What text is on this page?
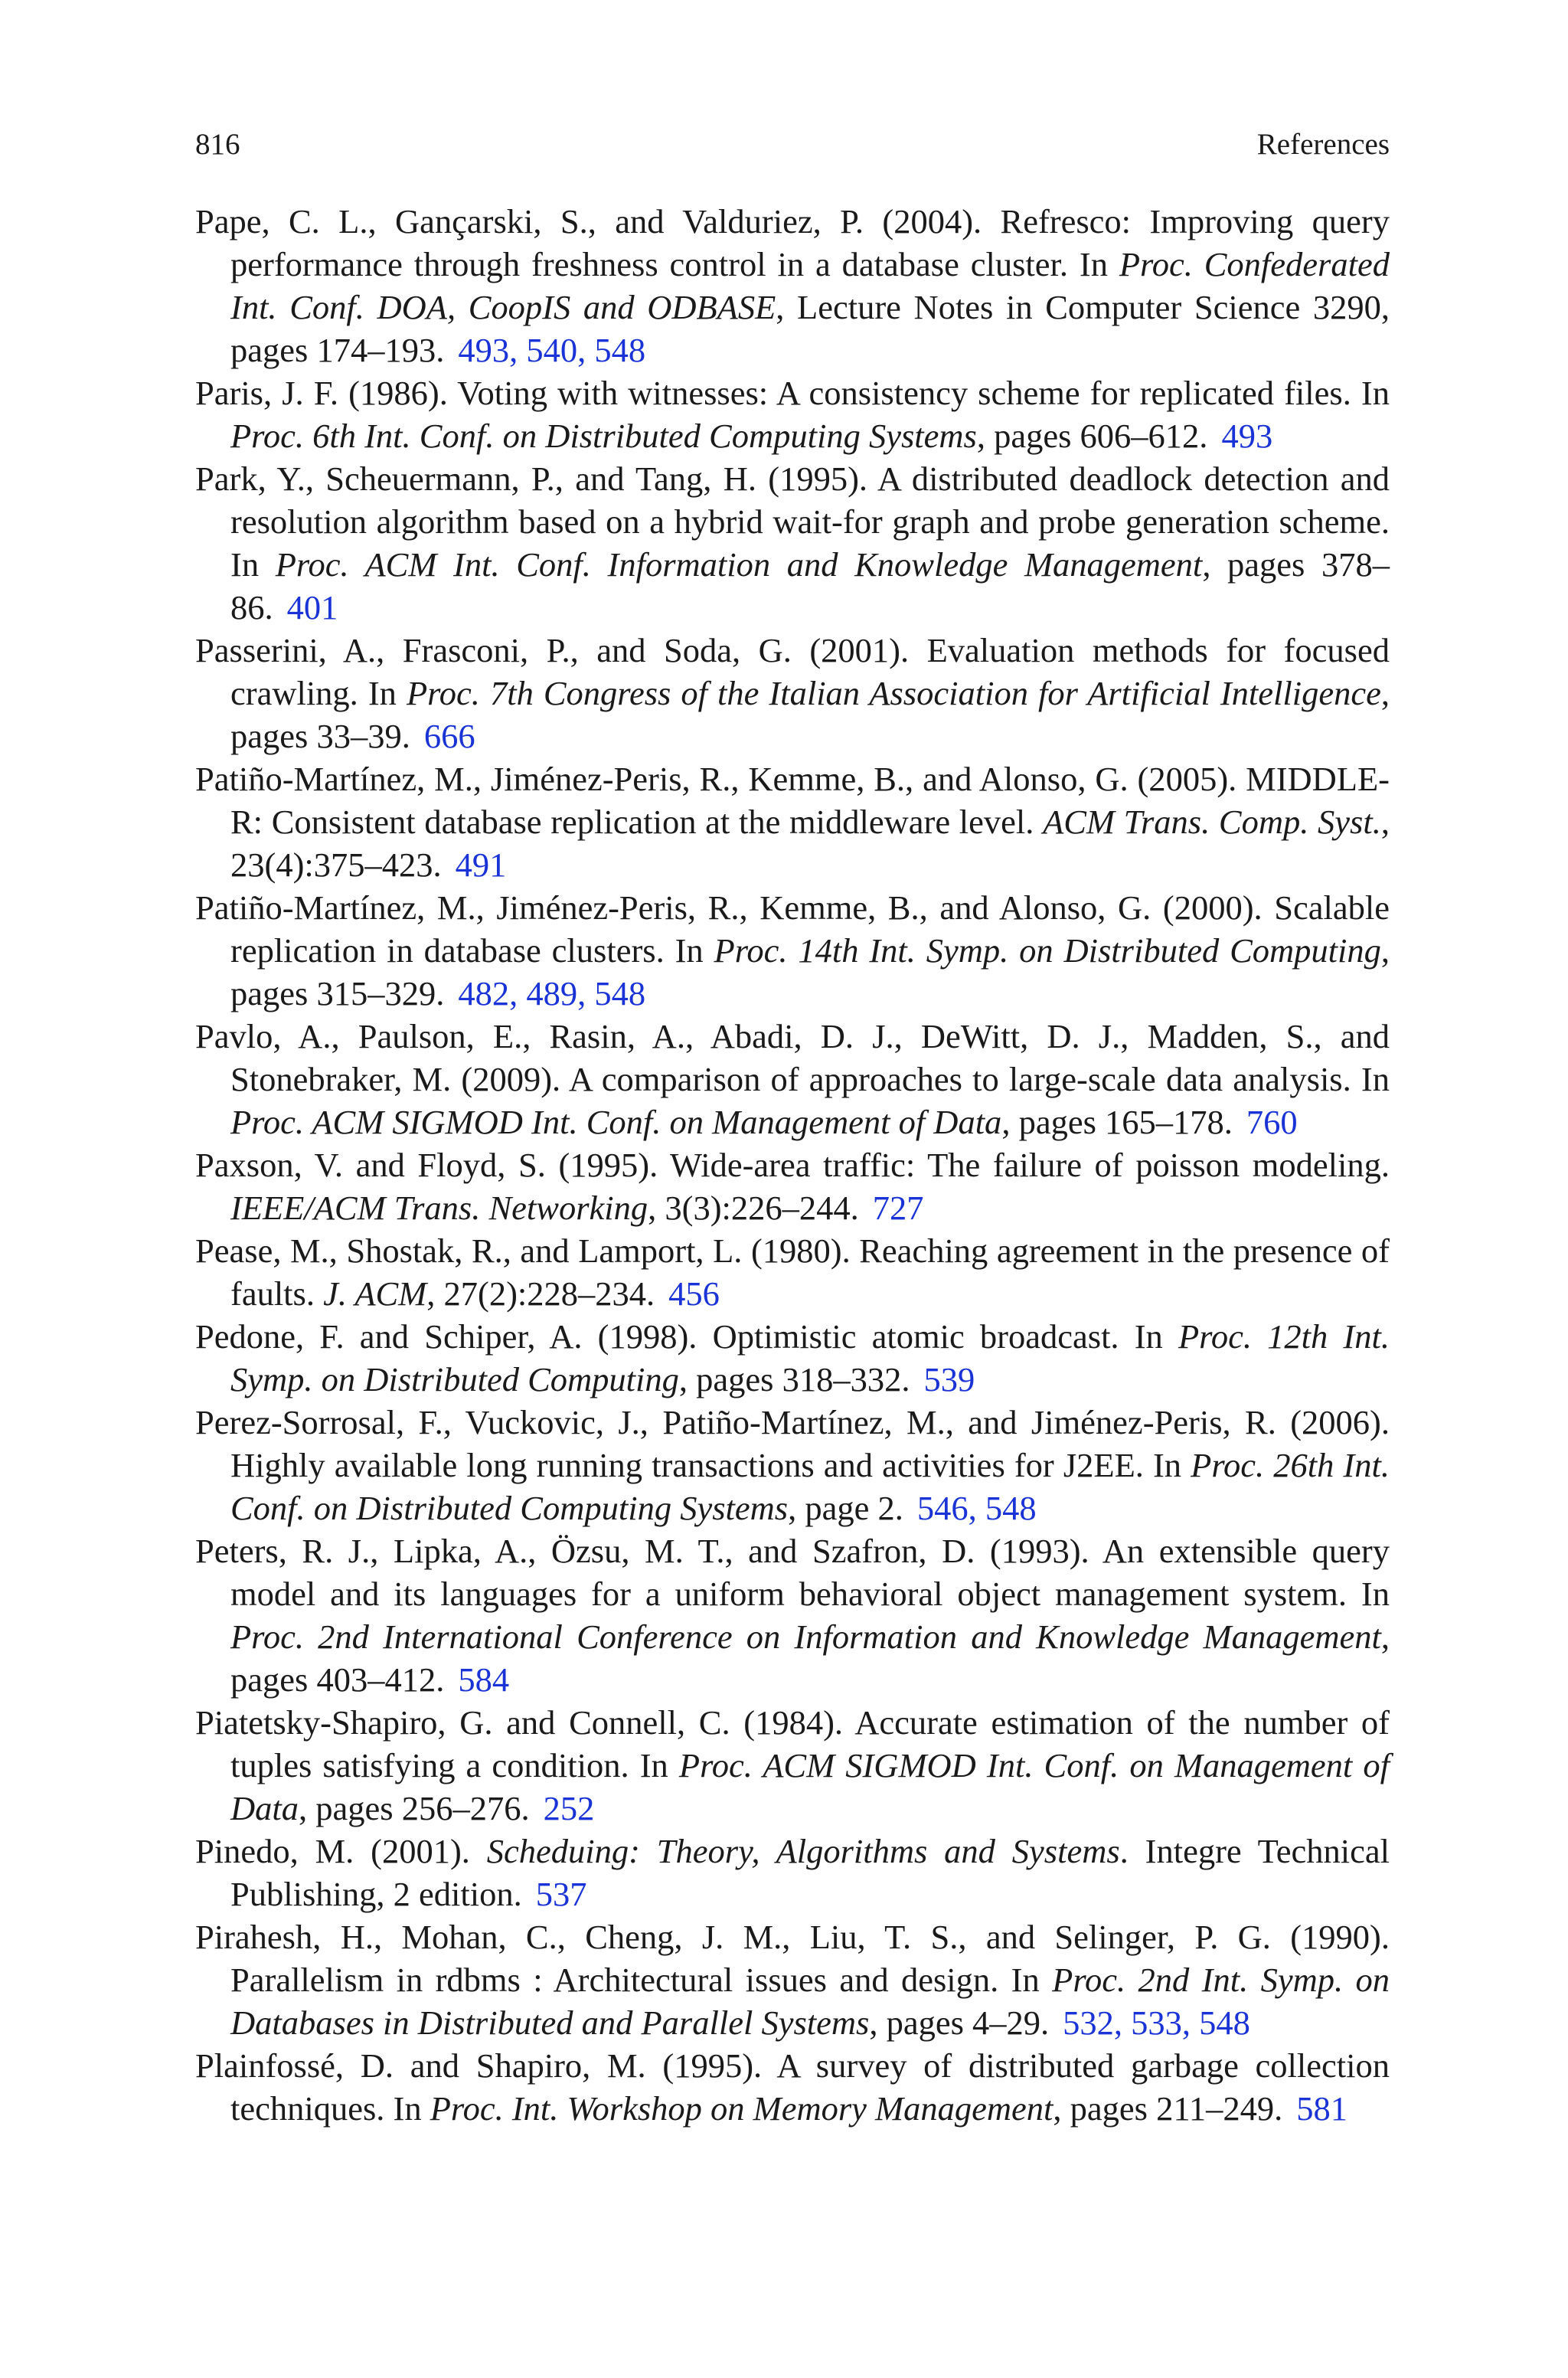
816	References
Pape, C. L., Gançarski, S., and Valduriez, P. (2004). Refresco: Improving query performance through freshness control in a database cluster. In Proc. Confederated Int. Conf. DOA, CoopIS and ODBASE, Lecture Notes in Computer Science 3290, pages 174–193. 493, 540, 548
Paris, J. F. (1986). Voting with witnesses: A consistency scheme for replicated files. In Proc. 6th Int. Conf. on Distributed Computing Systems, pages 606–612. 493
Park, Y., Scheuermann, P., and Tang, H. (1995). A distributed deadlock detection and resolution algorithm based on a hybrid wait-for graph and probe generation scheme. In Proc. ACM Int. Conf. Information and Knowledge Management, pages 378–86. 401
Passerini, A., Frasconi, P., and Soda, G. (2001). Evaluation methods for focused crawling. In Proc. 7th Congress of the Italian Association for Artificial Intelligence, pages 33–39. 666
Patiño-Martínez, M., Jiménez-Peris, R., Kemme, B., and Alonso, G. (2005). MIDDLE-R: Consistent database replication at the middleware level. ACM Trans. Comp. Syst., 23(4):375–423. 491
Patiño-Martínez, M., Jiménez-Peris, R., Kemme, B., and Alonso, G. (2000). Scalable replication in database clusters. In Proc. 14th Int. Symp. on Distributed Computing, pages 315–329. 482, 489, 548
Pavlo, A., Paulson, E., Rasin, A., Abadi, D. J., DeWitt, D. J., Madden, S., and Stonebraker, M. (2009). A comparison of approaches to large-scale data analysis. In Proc. ACM SIGMOD Int. Conf. on Management of Data, pages 165–178. 760
Paxson, V. and Floyd, S. (1995). Wide-area traffic: The failure of poisson modeling. IEEE/ACM Trans. Networking, 3(3):226–244. 727
Pease, M., Shostak, R., and Lamport, L. (1980). Reaching agreement in the presence of faults. J. ACM, 27(2):228–234. 456
Pedone, F. and Schiper, A. (1998). Optimistic atomic broadcast. In Proc. 12th Int. Symp. on Distributed Computing, pages 318–332. 539
Perez-Sorrosal, F., Vuckovic, J., Patiño-Martínez, M., and Jiménez-Peris, R. (2006). Highly available long running transactions and activities for J2EE. In Proc. 26th Int. Conf. on Distributed Computing Systems, page 2. 546, 548
Peters, R. J., Lipka, A., Özsu, M. T., and Szafron, D. (1993). An extensible query model and its languages for a uniform behavioral object management system. In Proc. 2nd International Conference on Information and Knowledge Management, pages 403–412. 584
Piatetsky-Shapiro, G. and Connell, C. (1984). Accurate estimation of the number of tuples satisfying a condition. In Proc. ACM SIGMOD Int. Conf. on Management of Data, pages 256–276. 252
Pinedo, M. (2001). Scheduing: Theory, Algorithms and Systems. Integre Technical Publishing, 2 edition. 537
Pirahesh, H., Mohan, C., Cheng, J. M., Liu, T. S., and Selinger, P. G. (1990). Parallelism in rdbms : Architectural issues and design. In Proc. 2nd Int. Symp. on Databases in Distributed and Parallel Systems, pages 4–29. 532, 533, 548
Plainfossé, D. and Shapiro, M. (1995). A survey of distributed garbage collection techniques. In Proc. Int. Workshop on Memory Management, pages 211–249. 581
